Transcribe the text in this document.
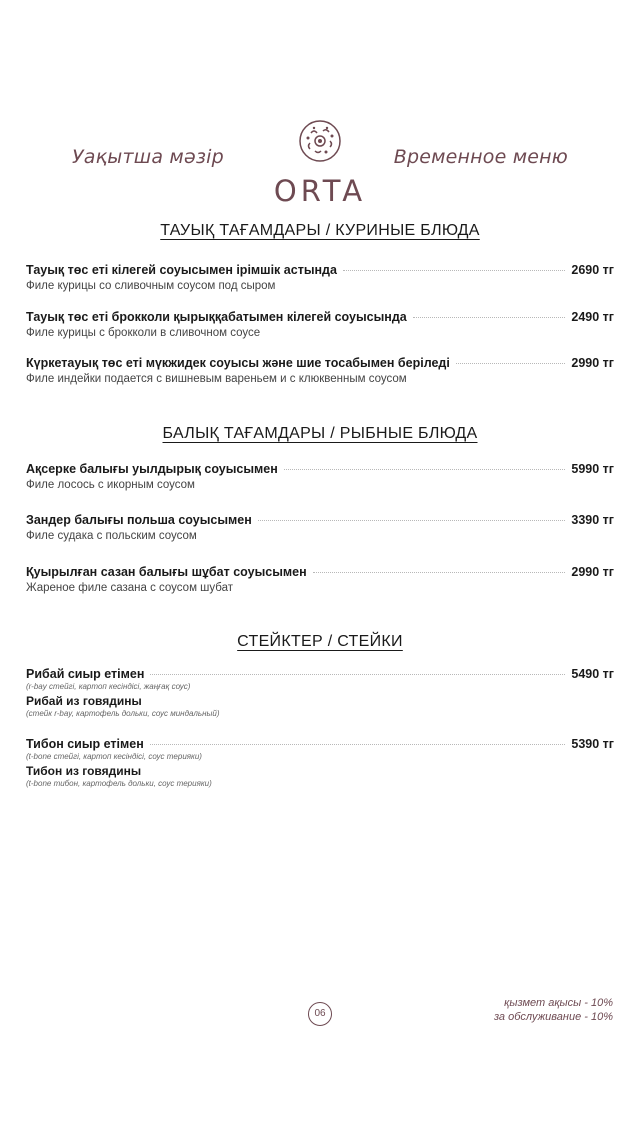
Уақытша мәзір	Временное меню
ORTA
ТАУЫҚ ТАҒАМДАРЫ / КУРИНЫЕ БЛЮДА
Тауық төс еті кілегей соуысымен ірімшік астында	2690 тг
Филе курицы со сливочным соусом под сыром
Тауық төс еті брокколи қырыққабатымен кілегей соуысында	2490 тг
Филе курицы с брокколи в сливочном соусе
Күркетауық төс еті мүкжидек соуысы және шие тосабымен беріледі	2990 тг
Филе индейки подается с вишневым вареньем и с клюквенным соусом
БАЛЫҚ ТАҒАМДАРЫ / РЫБНЫЕ БЛЮДА
Ақсерке балығы уылдырық соуысымен	5990 тг
Филе лосось с икорным соусом
Зандер балығы польша соуысымен	3390 тг
Филе судака с польским соусом
Қуырылған сазан балығы шұбат соуысымен	2990 тг
Жареное филе сазана с соусом шубат
СТЕЙКТЕР / СТЕЙКИ
Рибай сиыр етімен	5490 тг
(r-bay стейгі, картоп кесіндісі, жаңғақ соус)
Рибай из говядины
(стейк r-bay, картофель дольки, соус миндальный)
Тибон сиыр етімен	5390 тг
(t-bone стейгі, картоп кесіндісі, соус терияки)
Тибон из говядины
(t-bone тибон, картофель дольки, соус терияки)
06
қызмет ақысы - 10%
за обслуживание - 10%
